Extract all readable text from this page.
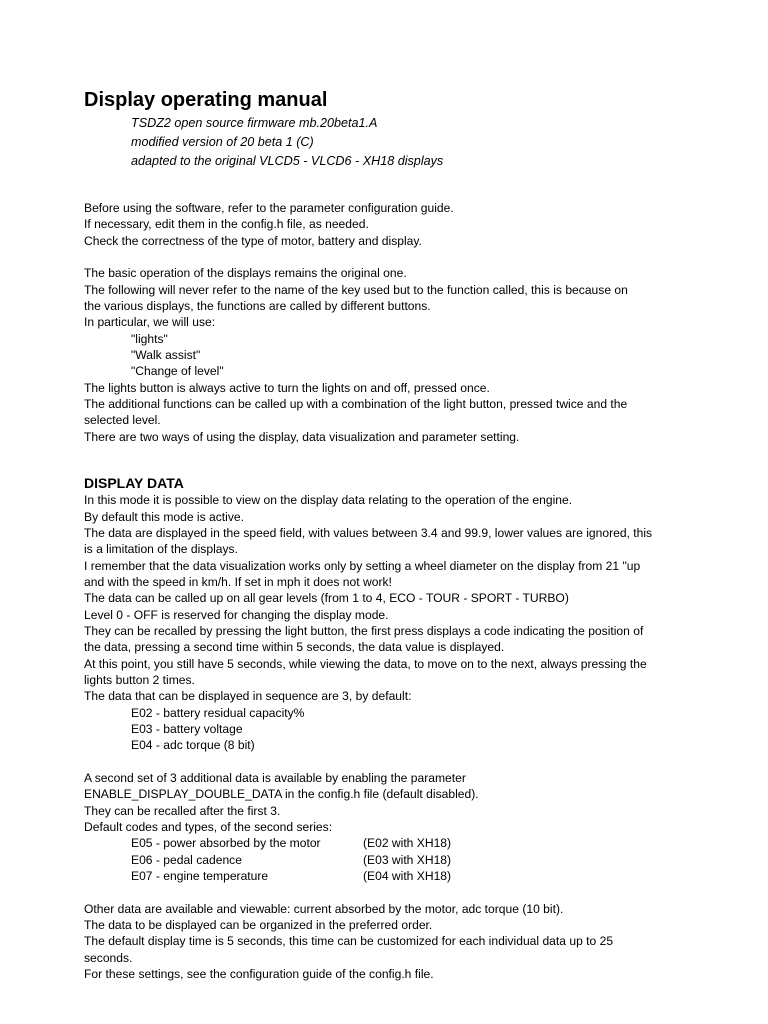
Display operating manual

TSDZ2 open source firmware mb.20beta1.A

modified version of 20 beta 1 (C)

adapted to the original VLCD5 - VLCD6 - XH18 displays

Before using the software, refer to the parameter configuration guide.

If necessary, edit them in the config.h file, as needed.

Check the correctness of the type of motor, battery and display.

The basic operation of the displays remains the original one.

The following will never refer to the name of the key used but to the function called, this is because on

the various displays, the functions are called by different buttons.

In particular, we will use:

"lights"

"Walk assist"

"Change of level"

The lights button is always active to turn the lights on and off, pressed once.

The additional functions can be called up with a combination of the light button, pressed twice and the

selected level.

There are two ways of using the display, data visualization and parameter setting.

DISPLAY DATA

In this mode it is possible to view on the display data relating to the operation of the engine.

By default this mode is active.

The data are displayed in the speed field, with values between 3.4 and 99.9, lower values are ignored, this

is a limitation of the displays.

I remember that the data visualization works only by setting a wheel diameter on the display from 21 "up

and with the speed in km/h. If set in mph it does not work!

The data can be called up on all gear levels (from 1 to 4, ECO - TOUR - SPORT - TURBO)

Level 0 - OFF is reserved for changing the display mode.

They can be recalled by pressing the light button, the first press displays a code indicating the position of

the data, pressing a second time within 5 seconds, the data value is displayed.

At this point, you still have 5 seconds, while viewing the data, to move on to the next, always pressing the

lights button 2 times.

The data that can be displayed in sequence are 3, by default:

E02 - battery residual capacity%

E03 - battery voltage

E04 - adc torque (8 bit)

A second set of 3 additional data is available by enabling the parameter

ENABLE_DISPLAY_DOUBLE_DATA in the config.h file (default disabled).

They can be recalled after the first 3.

Default codes and types, of the second series:

E05 - power absorbed by the motor	(E02 with XH18)
E06 - pedal cadence	(E03 with XH18)
E07 - engine temperature	(E04 with XH18)

Other data are available and viewable: current absorbed by the motor, adc torque (10 bit).

The data to be displayed can be organized in the preferred order.

The default display time is 5 seconds, this time can be customized for each individual data up to 25

seconds.

For these settings, see the configuration guide of the config.h file.
